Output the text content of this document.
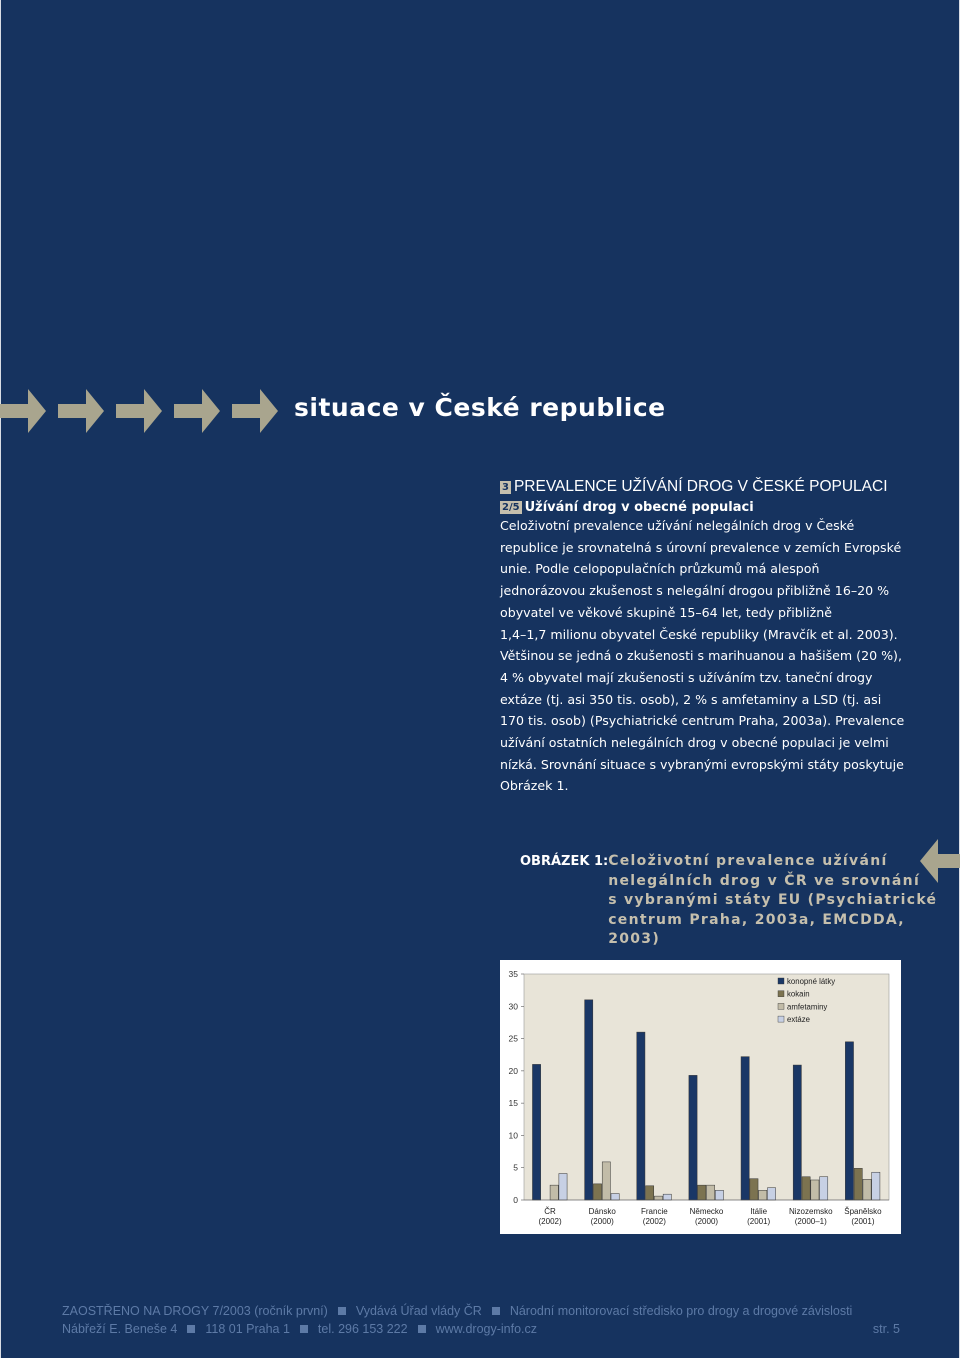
situace v České republice
3 PREVALENCE UŽÍVÁNÍ DROG V ČESKÉ POPULACI
2/5 Užívání drog v obecné populaci
Celoživotní prevalence užívání nelegálních drog v České
republice je srovnatelná s úrovní prevalence v zemích Evropské
unie. Podle celopopulačních průzkumů má alespoň
jednorázovou zkušenost s nelegální drogou přibližně 16–20 %
obyvatel ve věkové skupině 15–64 let, tedy přibližně
1,4–1,7 milionu obyvatel České republiky (Mravčík et al. 2003).
Většinou se jedná o zkušenosti s marihuanou a hašišem (20 %),
4 % obyvatel mají zkušenosti s užíváním tzv. taneční drogy
extáze (tj. asi 350 tis. osob), 2 % s amfetaminy a LSD (tj. asi
170 tis. osob) (Psychiatrické centrum Praha, 2003a). Prevalence
užívání ostatních nelegálních drog v obecné populaci je velmi
nízká. Srovnání situace s vybranými evropskými státy poskytuje
Obrázek 1.
OBRÁZEK 1: Celoživotní prevalence užívání
nelegálních drog v ČR ve srovnání
s vybranými státy EU (Psychiatrické
centrum Praha, 2003a, EMCDDA,
2003)
0
5
10
15
20
25
30
35
ČR
(2002)
Dánsko
(2000)
Francie
(2002)
Německo
(2000)
Itálie
(2001)
Nizozemsko
(2000–1)
Španělsko
(2001)
konopné látky
kokain
amfetaminy
extáze
ZAOSTŘENO NA DROGY 7/2003 (ročník první) Vydává Úřad vlády ČR Národní monitorovací středisko pro drogy a drogové závislosti
Nábřeží E. Beneše 4 118 01 Praha 1 tel. 296 153 222 www.drogy-info.cz	str. 5
